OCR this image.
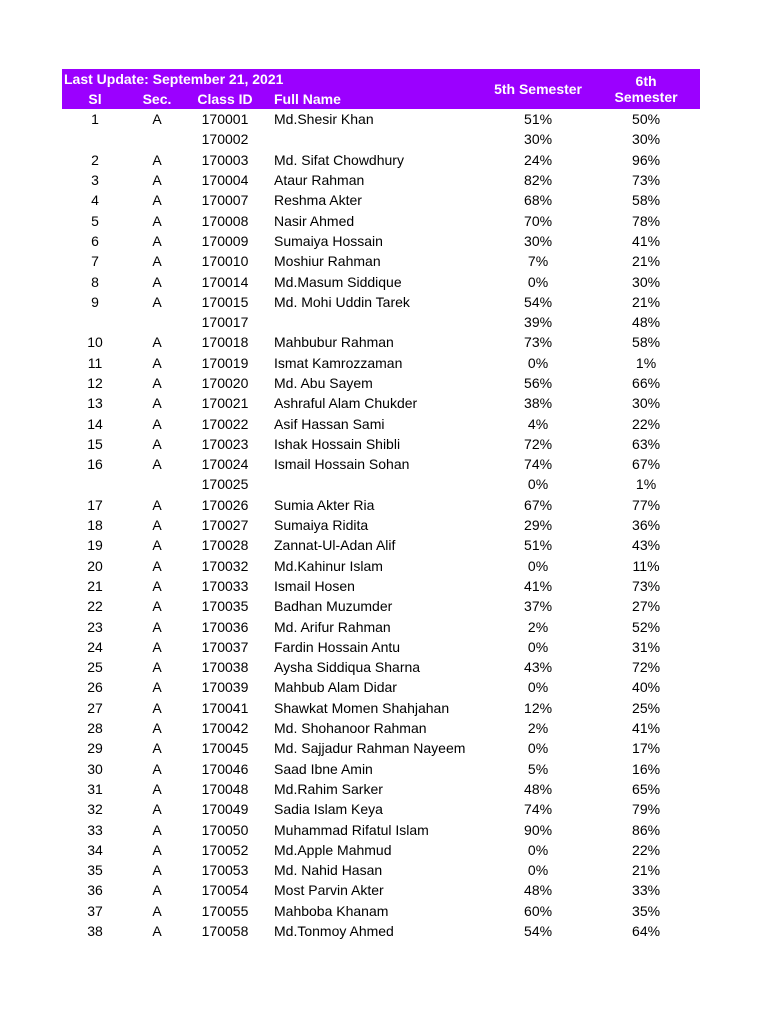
Last Update: September 21, 2021				5th Semester	6th
Semester
Sl	Sec.	Class ID	Full Name		
1	A	170001	Md.Shesir Khan	51%	50%
		170002		30%	30%
2	A	170003	Md. Sifat Chowdhury	24%	96%
3	A	170004	Ataur Rahman	82%	73%
4	A	170007	Reshma Akter	68%	58%
5	A	170008	Nasir Ahmed	70%	78%
6	A	170009	Sumaiya Hossain	30%	41%
7	A	170010	Moshiur Rahman	7%	21%
8	A	170014	Md.Masum Siddique	0%	30%
9	A	170015	Md. Mohi Uddin Tarek	54%	21%
		170017		39%	48%
10	A	170018	Mahbubur Rahman	73%	58%
11	A	170019	Ismat Kamrozzaman	0%	1%
12	A	170020	Md. Abu Sayem	56%	66%
13	A	170021	Ashraful Alam Chukder	38%	30%
14	A	170022	Asif Hassan Sami	4%	22%
15	A	170023	Ishak Hossain Shibli	72%	63%
16	A	170024	Ismail Hossain Sohan	74%	67%
		170025		0%	1%
17	A	170026	Sumia Akter Ria	67%	77%
18	A	170027	Sumaiya Ridita	29%	36%
19	A	170028	Zannat-Ul-Adan Alif	51%	43%
20	A	170032	Md.Kahinur Islam	0%	11%
21	A	170033	Ismail Hosen	41%	73%
22	A	170035	Badhan Muzumder	37%	27%
23	A	170036	Md. Arifur Rahman	2%	52%
24	A	170037	Fardin Hossain Antu	0%	31%
25	A	170038	Aysha Siddiqua Sharna	43%	72%
26	A	170039	Mahbub Alam Didar	0%	40%
27	A	170041	Shawkat Momen Shahjahan	12%	25%
28	A	170042	Md. Shohanoor Rahman	2%	41%
29	A	170045	Md. Sajjadur Rahman Nayeem	0%	17%
30	A	170046	Saad Ibne Amin	5%	16%
31	A	170048	Md.Rahim Sarker	48%	65%
32	A	170049	Sadia Islam Keya	74%	79%
33	A	170050	Muhammad Rifatul Islam	90%	86%
34	A	170052	Md.Apple Mahmud	0%	22%
35	A	170053	Md. Nahid Hasan	0%	21%
36	A	170054	Most Parvin Akter	48%	33%
37	A	170055	Mahboba Khanam	60%	35%
38	A	170058	Md.Tonmoy Ahmed	54%	64%
